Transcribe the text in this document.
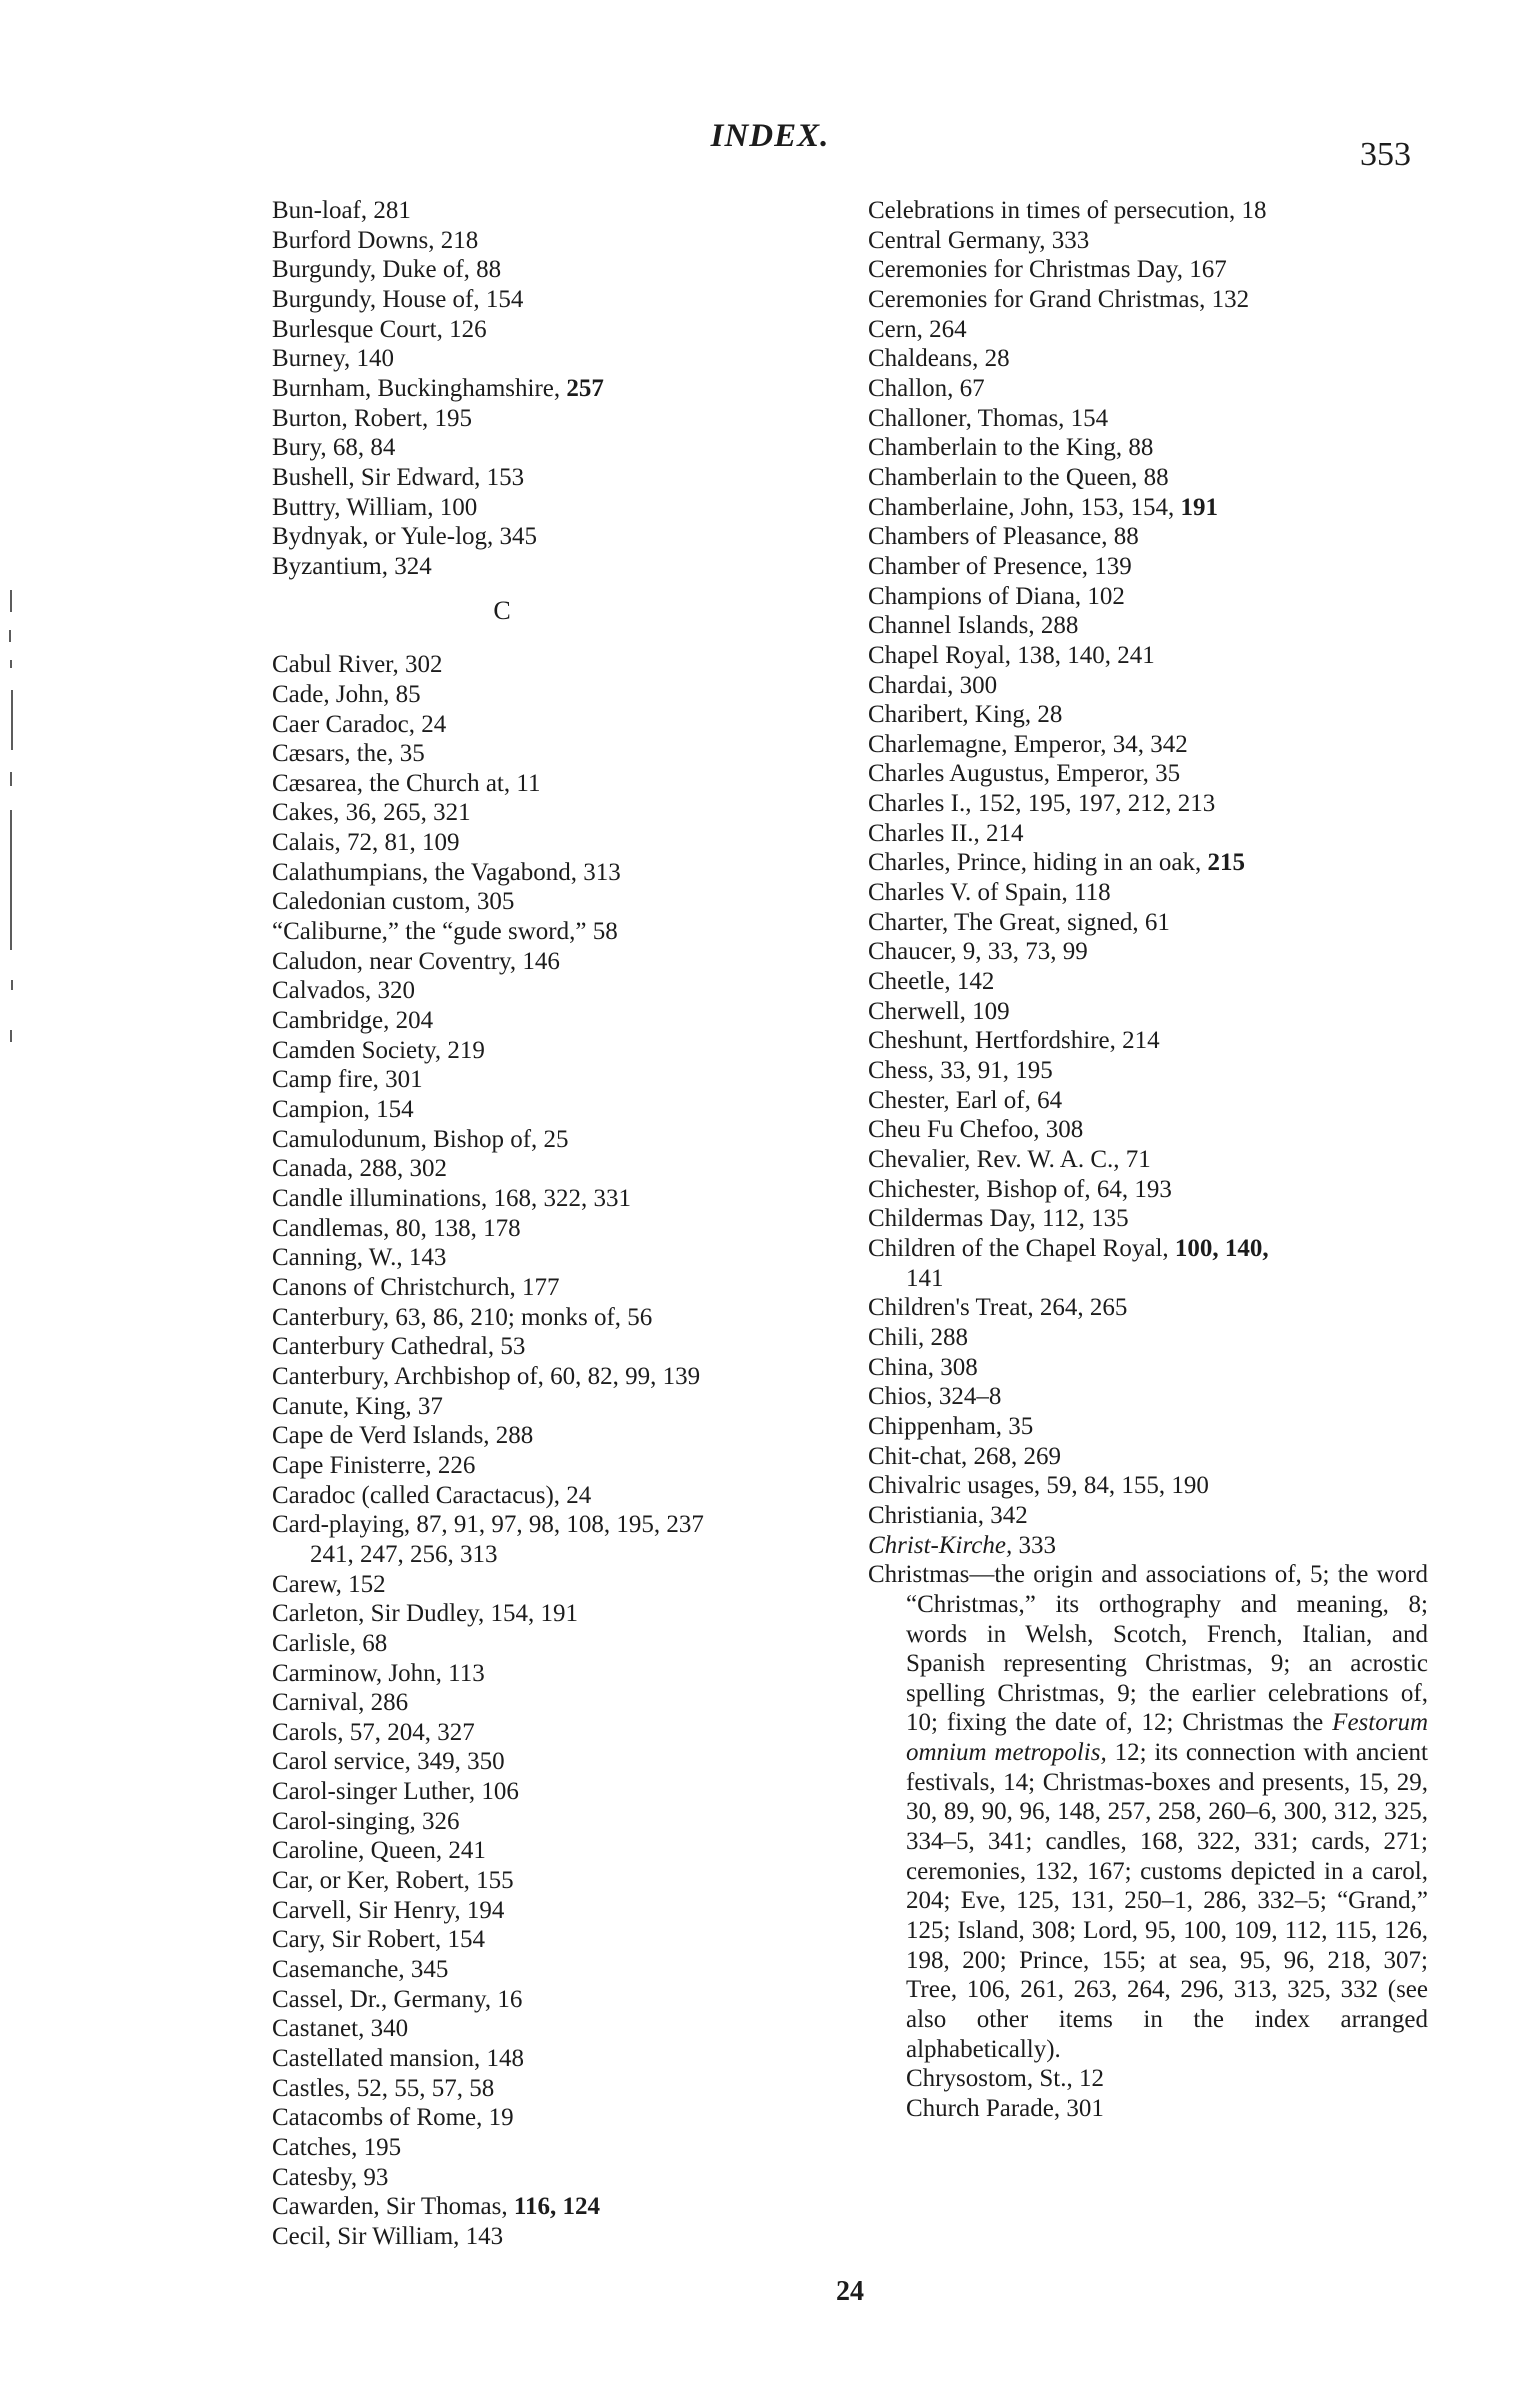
INDEX.	353

Bun-loaf, 281

Burford Downs, 218

Burgundy, Duke of, 88

Burgundy, House of, 154

Burlesque Court, 126

Burney, 140

Burnham, Buckinghamshire, 257

Burton, Robert, 195

Bury, 68, 84

Bushell, Sir Edward, 153

Buttry, William, 100

Bydnyak, or Yule-log, 345

Byzantium, 324

C

Cabul River, 302

Cade, John, 85

Caer Caradoc, 24

Cæsars, the, 35

Cæsarea, the Church at, 11

Cakes, 36, 265, 321

Calais, 72, 81, 109

Calathumpians, the Vagabond, 313

Caledonian custom, 305

“Caliburne,” the “gude sword,” 58

Caludon, near Coventry, 146

Calvados, 320

Cambridge, 204

Camden Society, 219

Camp fire, 301

Campion, 154

Camulodunum, Bishop of, 25

Canada, 288, 302

Candle illuminations, 168, 322, 331

Candlemas, 80, 138, 178

Canning, W., 143

Canons of Christchurch, 177

Canterbury, 63, 86, 210; monks of, 56

Canterbury Cathedral, 53

Canterbury, Archbishop of, 60, 82, 99, 139

Canute, King, 37

Cape de Verd Islands, 288

Cape Finisterre, 226

Caradoc (called Caractacus), 24

Card-playing, 87, 91, 97, 98, 108, 195, 237

241, 247, 256, 313

Carew, 152

Carleton, Sir Dudley, 154, 191

Carlisle, 68

Carminow, John, 113

Carnival, 286

Carols, 57, 204, 327

Carol service, 349, 350

Carol-singer Luther, 106

Carol-singing, 326

Caroline, Queen, 241

Car, or Ker, Robert, 155

Carvell, Sir Henry, 194

Cary, Sir Robert, 154

Casemanche, 345

Cassel, Dr., Germany, 16

Castanet, 340

Castellated mansion, 148

Castles, 52, 55, 57, 58

Catacombs of Rome, 19

Catches, 195

Catesby, 93

Cawarden, Sir Thomas, 116, 124

Cecil, Sir William, 143

Celebrations in times of persecution, 18

Central Germany, 333

Ceremonies for Christmas Day, 167

Ceremonies for Grand Christmas, 132

Cern, 264

Chaldeans, 28

Challon, 67

Challoner, Thomas, 154

Chamberlain to the King, 88

Chamberlain to the Queen, 88

Chamberlaine, John, 153, 154, 191

Chambers of Pleasance, 88

Chamber of Presence, 139

Champions of Diana, 102

Channel Islands, 288

Chapel Royal, 138, 140, 241

Chardai, 300

Charibert, King, 28

Charlemagne, Emperor, 34, 342

Charles Augustus, Emperor, 35

Charles I., 152, 195, 197, 212, 213

Charles II., 214

Charles, Prince, hiding in an oak, 215

Charles V. of Spain, 118

Charter, The Great, signed, 61

Chaucer, 9, 33, 73, 99

Cheetle, 142

Cherwell, 109

Cheshunt, Hertfordshire, 214

Chess, 33, 91, 195

Chester, Earl of, 64

Cheu Fu Chefoo, 308

Chevalier, Rev. W. A. C., 71

Chichester, Bishop of, 64, 193

Childermas Day, 112, 135

Children of the Chapel Royal, 100, 140,

141

Children's Treat, 264, 265

Chili, 288

China, 308

Chios, 324–8

Chippenham, 35

Chit-chat, 268, 269

Chivalric usages, 59, 84, 155, 190

Christiania, 342

Christ-Kirche, 333

Christmas—the origin and associations of, 5; the word “Christmas,” its orthography and meaning, 8; words in Welsh, Scotch, French, Italian, and Spanish representing Christmas, 9; an acrostic spelling Christmas, 9; the earlier celebrations of, 10; fixing the date of, 12; Christmas the Festorum omnium metropolis, 12; its connection with ancient festivals, 14; Christmas-boxes and presents, 15, 29, 30, 89, 90, 96, 148, 257, 258, 260–6, 300, 312, 325, 334–5, 341; candles, 168, 322, 331; cards, 271; ceremonies, 132, 167; customs depicted in a carol, 204; Eve, 125, 131, 250–1, 286, 332–5; “Grand,” 125; Island, 308; Lord, 95, 100, 109, 112, 115, 126, 198, 200; Prince, 155; at sea, 95, 96, 218, 307; Tree, 106, 261, 263, 264, 296, 313, 325, 332 (see also other items in the index arranged alphabetically).

Chrysostom, St., 12

Church Parade, 301

24
